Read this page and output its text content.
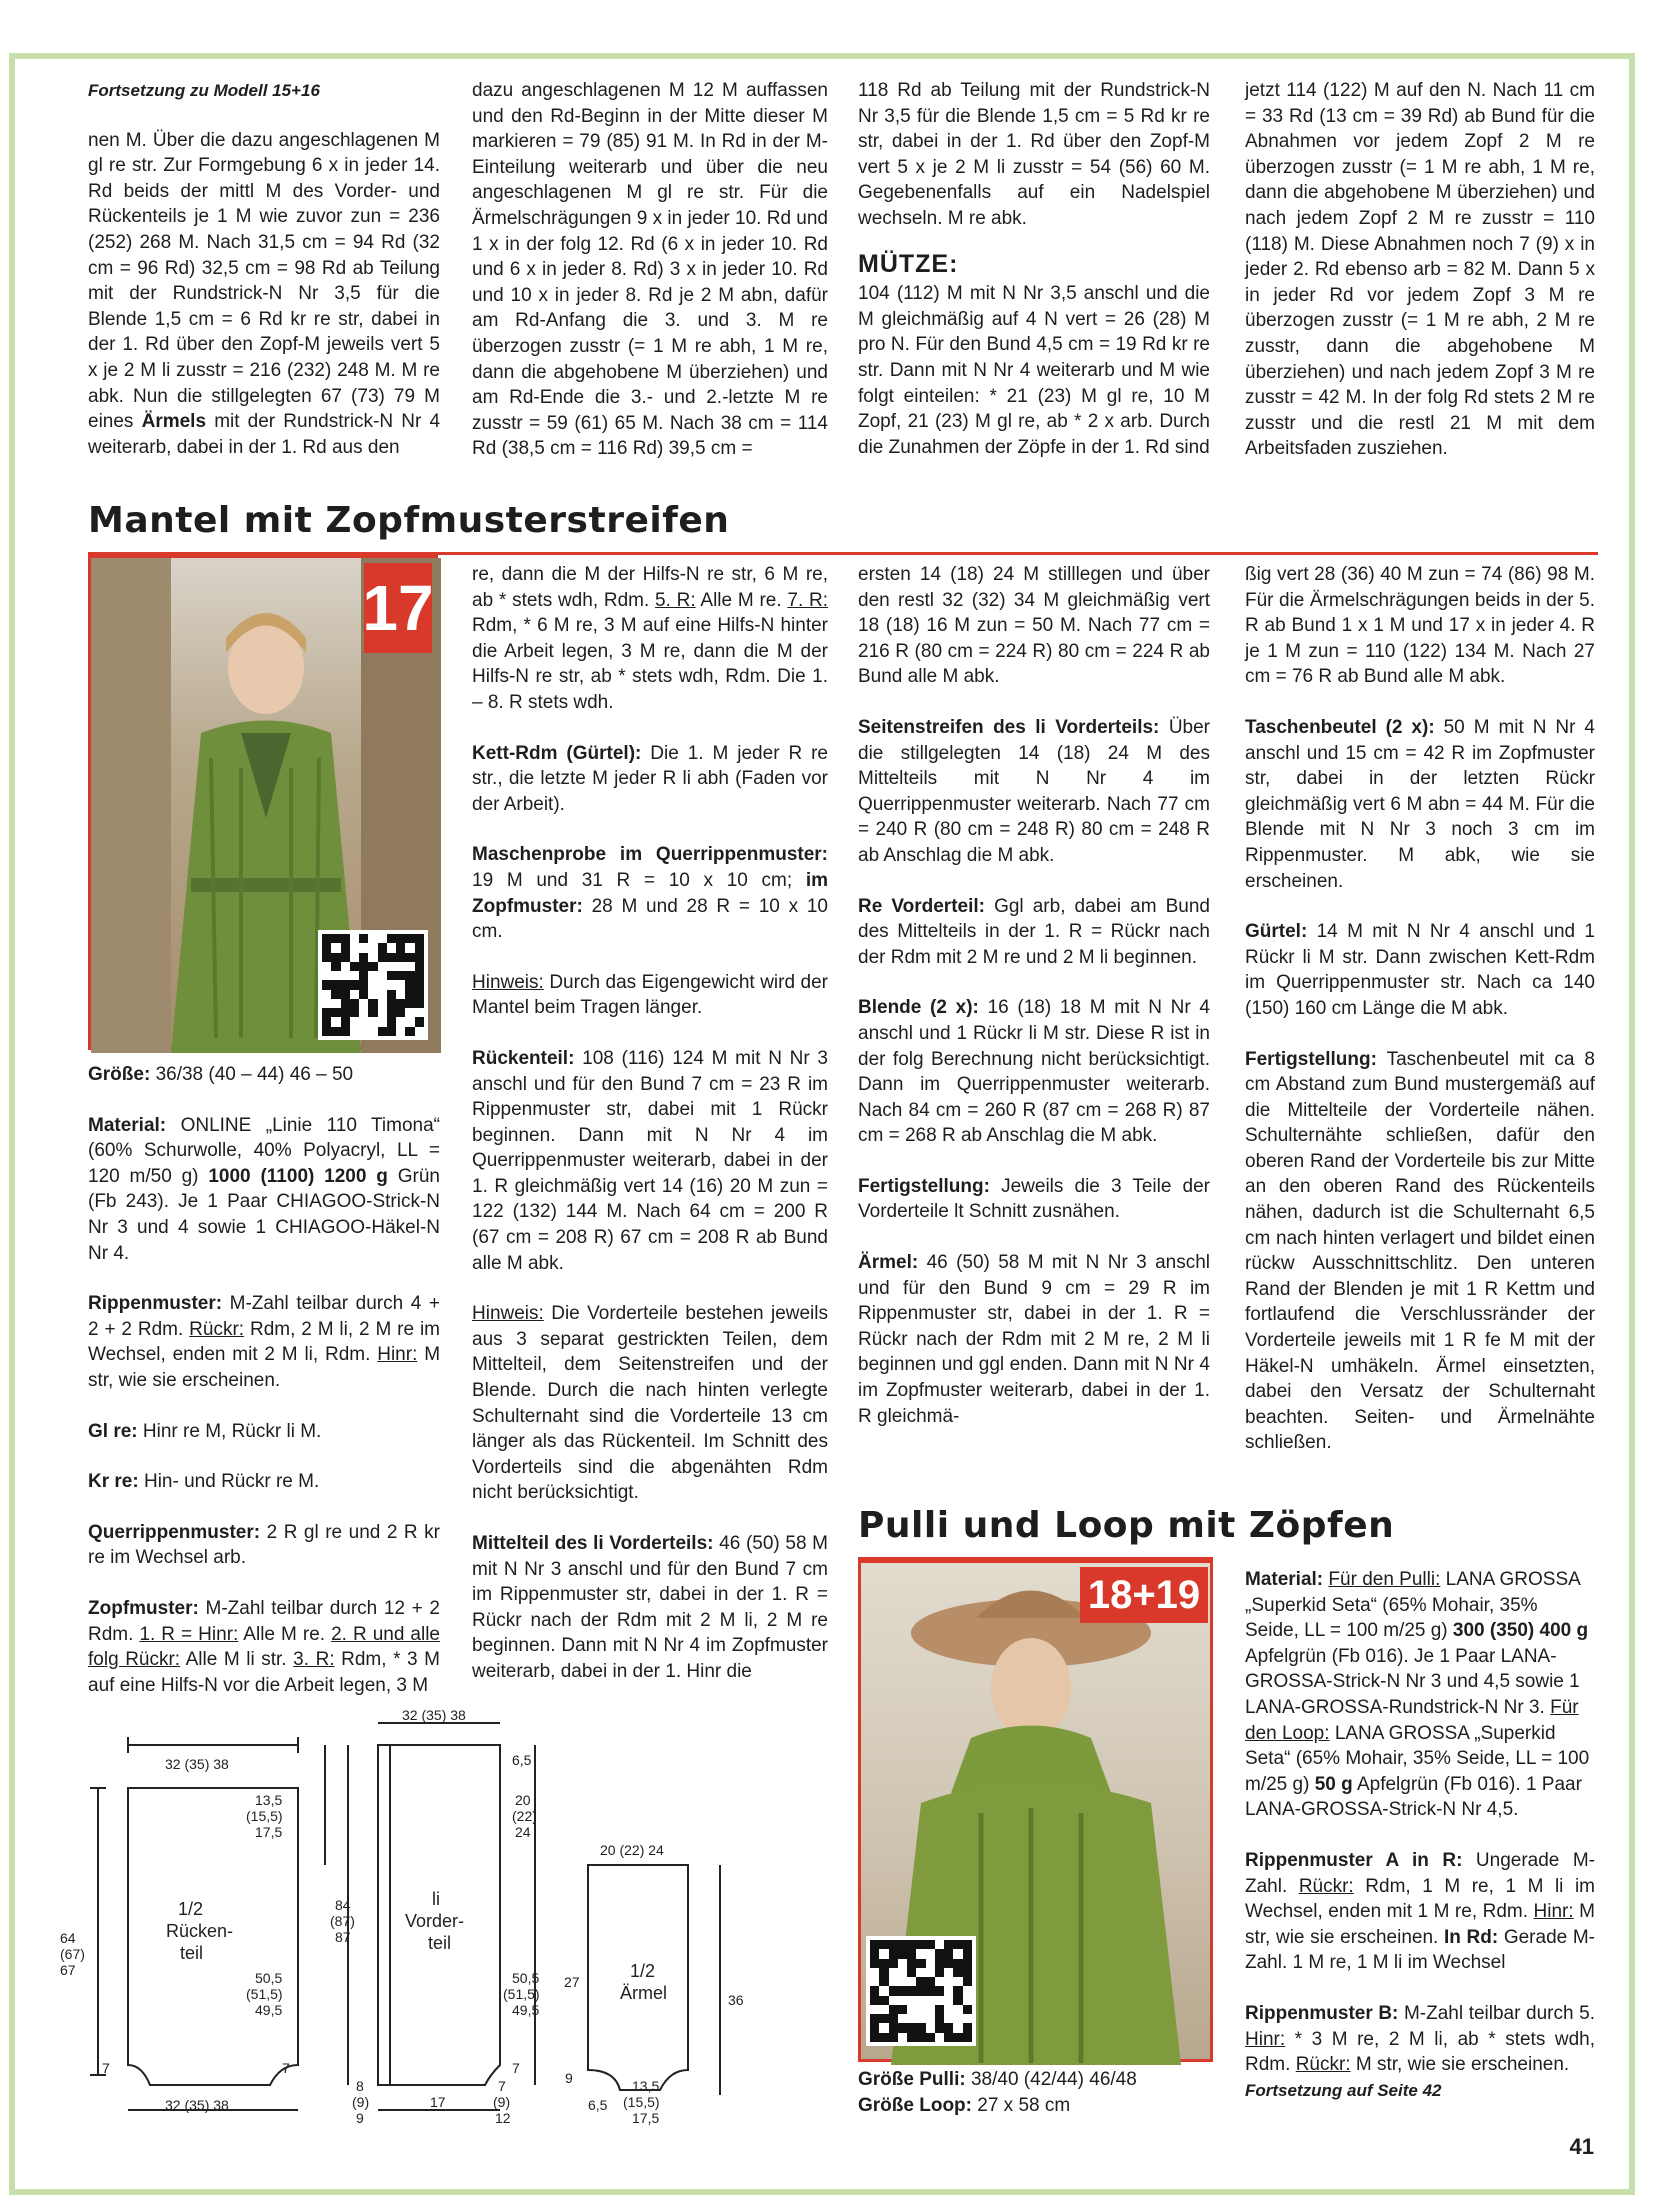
Fortsetzung zu Modell 15+16

nen M. Über die dazu angeschlagenen M gl re str. Zur Formgebung 6 x in jeder 14. Rd beids der mittl M des Vorder- und Rückenteils je 1 M wie zuvor zun = 236 (252) 268 M. Nach 31,5 cm = 94 Rd (32 cm = 96 Rd) 32,5 cm = 98 Rd ab Teilung mit der Rundstrick-N Nr 3,5 für die Blende 1,5 cm = 6 Rd kr re str, dabei in der 1. Rd über den Zopf-M jeweils vert 5 x je 2 M li zusstr = 216 (232) 248 M. M re abk. Nun die stillgelegten 67 (73) 79 M eines Ärmels mit der Rundstrick-N Nr 4 weiterarb, dabei in der 1. Rd aus den

dazu angeschlagenen M 12 M auffassen und den Rd-Beginn in der Mitte dieser M markieren = 79 (85) 91 M. In Rd in der M-Einteilung weiterarb und über die neu angeschlagenen M gl re str. Für die Ärmelschrägungen 9 x in jeder 10. Rd und 1 x in der folg 12. Rd (6 x in jeder 10. Rd und 6 x in jeder 8. Rd) 3 x in jeder 10. Rd und 10 x in jeder 8. Rd je 2 M abn, dafür am Rd-Anfang die 3. und 3. M re überzogen zusstr (= 1 M re abh, 1 M re, dann die abgehobene M überziehen) und am Rd-Ende die 3.- und 2.-letzte M re zusstr = 59 (61) 65 M. Nach 38 cm = 114 Rd (38,5 cm = 116 Rd) 39,5 cm =

118 Rd ab Teilung mit der Rundstrick-N Nr 3,5 für die Blende 1,5 cm = 5 Rd kr re str, dabei in der 1. Rd über den Zopf-M vert 5 x je 2 M li zusstr = 54 (56) 60 M. Gegebenenfalls auf ein Nadelspiel wechseln. M re abk.

MÜTZE:

104 (112) M mit N Nr 3,5 anschl und die M gleichmäßig auf 4 N vert = 26 (28) M pro N. Für den Bund 4,5 cm = 19 Rd kr re str. Dann mit N Nr 4 weiterarb und M wie folgt einteilen: * 21 (23) M gl re, 10 M Zopf, 21 (23) M gl re, ab * 2 x arb. Durch die Zunahmen der Zöpfe in der 1. Rd sind

jetzt 114 (122) M auf den N. Nach 11 cm = 33 Rd (13 cm = 39 Rd) ab Bund für die Abnahmen vor jedem Zopf 2 M re überzogen zusstr (= 1 M re abh, 1 M re, dann die abgehobene M überziehen) und nach jedem Zopf 2 M re zusstr = 110 (118) M. Diese Abnahmen noch 7 (9) x in jeder 2. Rd ebenso arb = 82 M. Dann 5 x in jeder Rd vor jedem Zopf 3 M re überzogen zusstr (= 1 M re abh, 2 M re zusstr, dann die abgehobene M überziehen) und nach jedem Zopf 3 M re zusstr = 42 M. In der folg Rd stets 2 M re zusstr und die restl 21 M mit dem Arbeitsfaden zusziehen.

Mantel mit Zopfmusterstreifen
17

Größe: 36/38 (40 – 44) 46 – 50

Material: ONLINE „Linie 110 Timona“ (60% Schurwolle, 40% Polyacryl, LL = 120 m/50 g) 1000 (1100) 1200 g Grün (Fb 243). Je 1 Paar CHIAGOO-Strick-N Nr 3 und 4 sowie 1 CHIAGOO-Häkel-N Nr 4.

Rippenmuster: M-Zahl teilbar durch 4 + 2 + 2 Rdm. Rückr: Rdm, 2 M li, 2 M re im Wechsel, enden mit 2 M li, Rdm. Hinr: M str, wie sie erscheinen.

Gl re: Hinr re M, Rückr li M.

Kr re: Hin- und Rückr re M.

Querrippenmuster: 2 R gl re und 2 R kr re im Wechsel arb.

Zopfmuster: M-Zahl teilbar durch 12 + 2 Rdm. 1. R = Hinr: Alle M re. 2. R und alle folg Rückr: Alle M li str. 3. R: Rdm, * 3 M auf eine Hilfs-N vor die Arbeit legen, 3 M

re, dann die M der Hilfs-N re str, 6 M re, ab * stets wdh, Rdm. 5. R: Alle M re. 7. R: Rdm, * 6 M re, 3 M auf eine Hilfs-N hinter die Arbeit legen, 3 M re, dann die M der Hilfs-N re str, ab * stets wdh, Rdm. Die 1. – 8. R stets wdh.

Kett-Rdm (Gürtel): Die 1. M jeder R re str., die letzte M jeder R li abh (Faden vor der Arbeit).

Maschenprobe im Querrippenmuster: 19 M und 31 R = 10 x 10 cm; im Zopfmuster: 28 M und 28 R = 10 x 10 cm.

Hinweis: Durch das Eigengewicht wird der Mantel beim Tragen länger.

Rückenteil: 108 (116) 124 M mit N Nr 3 anschl und für den Bund 7 cm = 23 R im Rippenmuster str, dabei mit 1 Rückr beginnen. Dann mit N Nr 4 im Querrippenmuster weiterarb, dabei in der 1. R gleichmäßig vert 14 (16) 20 M zun = 122 (132) 144 M. Nach 64 cm = 200 R (67 cm = 208 R) 67 cm = 208 R ab Bund alle M abk.

Hinweis: Die Vorderteile bestehen jeweils aus 3 separat gestrickten Teilen, dem Mittelteil, dem Seitenstreifen und der Blende. Durch die nach hinten verlegte Schulternaht sind die Vorderteile 13 cm länger als das Rückenteil. Im Schnitt des Vorderteils sind die abgenähten Rdm nicht berücksichtigt.

Mittelteil des li Vorderteils: 46 (50) 58 M mit N Nr 3 anschl und für den Bund 7 cm im Rippenmuster str, dabei in der 1. R = Rückr nach der Rdm mit 2 M li, 2 M re beginnen. Dann mit N Nr 4 im Zopfmuster weiterarb, dabei in der 1. Hinr die

ersten 14 (18) 24 M stilllegen und über den restl 32 (32) 34 M gleichmäßig vert 18 (18) 16 M zun = 50 M. Nach 77 cm = 216 R (80 cm = 224 R) 80 cm = 224 R ab Bund alle M abk.

Seitenstreifen des li Vorderteils: Über die stillgelegten 14 (18) 24 M des Mittelteils mit N Nr 4 im Querrippenmuster weiterarb. Nach 77 cm = 240 R (80 cm = 248 R) 80 cm = 248 R ab Anschlag die M abk.

Re Vorderteil: Ggl arb, dabei am Bund des Mittelteils in der 1. R = Rückr nach der Rdm mit 2 M re und 2 M li beginnen.

Blende (2 x): 16 (18) 18 M mit N Nr 4 anschl und 1 Rückr li M str. Diese R ist in der folg Berechnung nicht berücksichtigt. Dann im Querrippenmuster weiterarb. Nach 84 cm = 260 R (87 cm = 268 R) 87 cm = 268 R ab Anschlag die M abk.

Fertigstellung: Jeweils die 3 Teile der Vorderteile lt Schnitt zusnähen.

Ärmel: 46 (50) 58 M mit N Nr 3 anschl und für den Bund 9 cm = 29 R im Rippenmuster str, dabei in der 1. R = Rückr nach der Rdm mit 2 M re, 2 M li beginnen und ggl enden. Dann mit N Nr 4 im Zopfmuster weiterarb, dabei in der 1. R gleichmä-

ßig vert 28 (36) 40 M zun = 74 (86) 98 M. Für die Ärmelschrägungen beids in der 5. R ab Bund 1 x 1 M und 17 x in jeder 4. R je 1 M zun = 110 (122) 134 M. Nach 27 cm = 76 R ab Bund alle M abk.

Taschenbeutel (2 x): 50 M mit N Nr 4 anschl und 15 cm = 42 R im Zopfmuster str, dabei in der letzten Rückr gleichmäßig vert 6 M abn = 44 M. Für die Blende mit N Nr 3 noch 3 cm im Rippenmuster. M abk, wie sie erscheinen.

Gürtel: 14 M mit N Nr 4 anschl und 1 Rückr li M str. Dann zwischen Kett-Rdm im Querrippenmuster str. Nach ca 140 (150) 160 cm Länge die M abk.

Fertigstellung: Taschenbeutel mit ca 8 cm Abstand zum Bund mustergemäß auf die Mittelteile der Vorderteile nähen. Schulternähte schließen, dafür den oberen Rand der Vorderteile bis zur Mitte an den oberen Rand des Rückenteils nähen, dadurch ist die Schulternaht 6,5 cm nach hinten verlagert und bildet einen rückw Ausschnittschlitz. Den unteren Rand der Blenden je mit 1 R Kettm und fortlaufend die Verschlussränder der Vorderteile jeweils mit 1 R fe M mit der Häkel-N umhäkeln. Ärmel einsetzten, dabei den Versatz der Schulternaht beachten. Seiten- und Ärmelnähte schließen.

Pulli und Loop mit Zöpfen
18+19

Größe Pulli: 38/40 (42/44) 46/48

Größe Loop: 27 x 58 cm

Material: Für den Pulli: LANA GROSSA „Superkid Seta“ (65% Mohair, 35% Seide, LL = 100 m/25 g) 300 (350) 400 g Apfelgrün (Fb 016). Je 1 Paar LANA-GROSSA-Strick-N Nr 3 und 4,5 sowie 1 LANA-GROSSA-Rundstrick-N Nr 3. Für den Loop: LANA GROSSA „Superkid Seta“ (65% Mohair, 35% Seide, LL = 100 m/25 g) 50 g Apfelgrün (Fb 016). 1 Paar LANA-GROSSA-Strick-N Nr 4,5.

Rippenmuster A in R: Ungerade M-Zahl. Rückr: Rdm, 1 M re, 1 M li im Wechsel, enden mit 1 M re, Rdm. Hinr: M str, wie sie erscheinen. In Rd: Gerade M-Zahl. 1 M re, 1 M li im Wechsel

Rippenmuster B: M-Zahl teilbar durch 5. Hinr: * 3 M re, 2 M li, ab * stets wdh, Rdm. Rückr: M str, wie sie erscheinen.

Fortsetzung auf Seite 42

32 (35) 38
1/2
Rücken-
teil
13,5
(15,5)
17,5
64
(67)
67	50,5
(51,5)
49,5
7	7
32 (35) 38
32 (35) 38
li
Vorder-
teil
84
(87)
87
6,5
20
(22)
24
50,5
(51,5)
49,5
7
8
(9)
9
17
7
(9)
12
20 (22) 24
1/2
Ärmel
27
36
9
6,5
13,5
(15,5)
17,5
41
